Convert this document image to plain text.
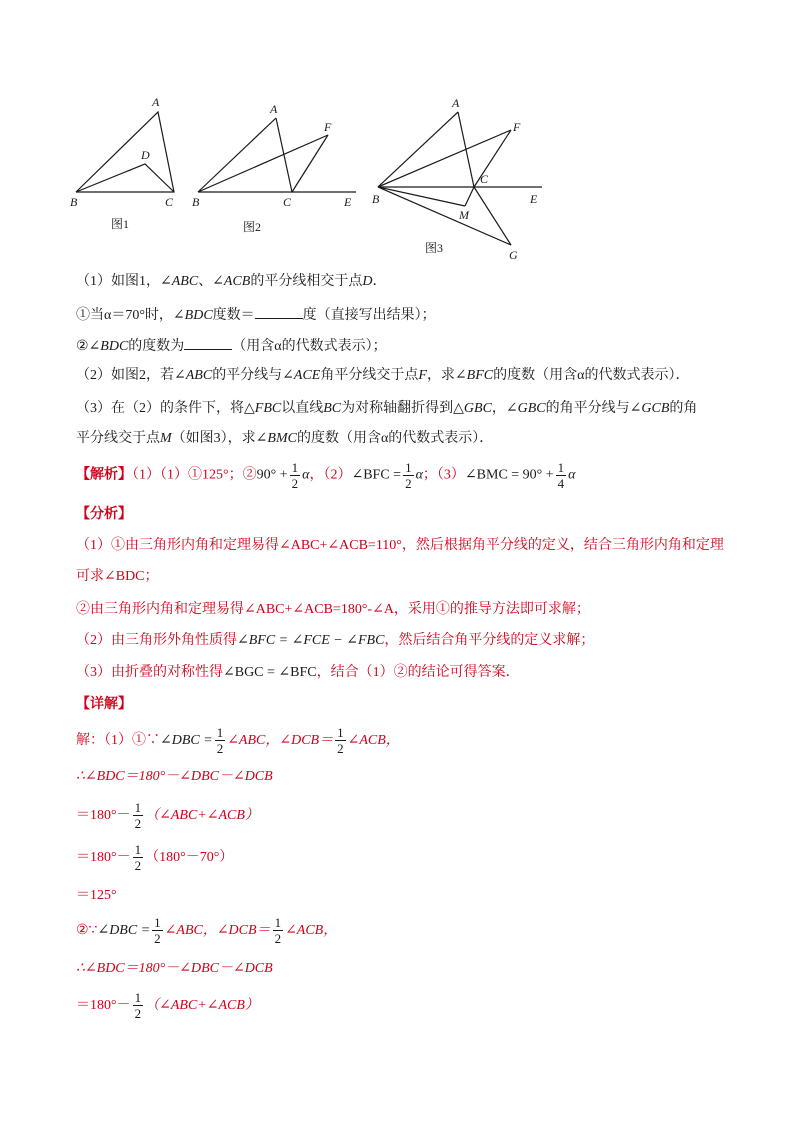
A
B	C
D
图1
A
B	C	E
F
图2
A
B
C
E
F
M
G
图3
（1）如图1，∠ABC、∠ACB的平分线相交于点D．
①当α＝70°时，∠BDC度数＝	度（直接写出结果）；
②∠BDC的度数为	（用含α的代数式表示）；
（2）如图2，若∠ABC的平分线与∠ACE角平分线交于点F，求∠BFC的度数（用含α的代数式表示）．
（3）在（2）的条件下，将△FBC以直线BC为对称轴翻折得到△GBC，∠GBC的角平分线与∠GCB的角
平分线交于点M（如图3），求∠BMC的度数（用含α的代数式表示）．
【解析】（1）（1）①125°；②90° + $\frac{1}{2}$ α，（2）∠BFC = $\frac{1}{2}$ α；（3）∠BMC = $90^\circ + \frac{1}{4}$ α
【分析】
（1）①由三角形内角和定理易得∠ABC+∠ACB=110°，然后根据角平分线的定义，结合三角形内角和定理
可求∠BDC；
②由三角形内角和定理易得∠ABC+∠ACB=180°-∠A，采用①的推导方法即可求解；
（2）由三角形外角性质得∠BFC = ∠FCE − ∠FBC，然后结合角平分线的定义求解；
（3）由折叠的对称性得∠BGC = ∠BFC，结合（1）②的结论可得答案．
【详解】
解：（1）①∵∠DBC = $\frac{1}{2}$ ∠ABC，∠DCB＝ $\frac{1}{2}$ ∠ACB，
∴∠BDC＝180°－∠DBC－∠DCB
$=180^\circ- \frac{1}{2}$ （∠ABC+∠ACB）
$=180^\circ- \frac{1}{2} (180^\circ-70^\circ)$
＝125°
②∵∠DBC = $\frac{1}{2}$ ∠ABC，∠DCB＝ $\frac{1}{2}$ ∠ACB，
∴∠BDC＝180°－∠DBC－∠DCB
$=180^\circ- \frac{1}{2}$ （∠ABC+∠ACB）
